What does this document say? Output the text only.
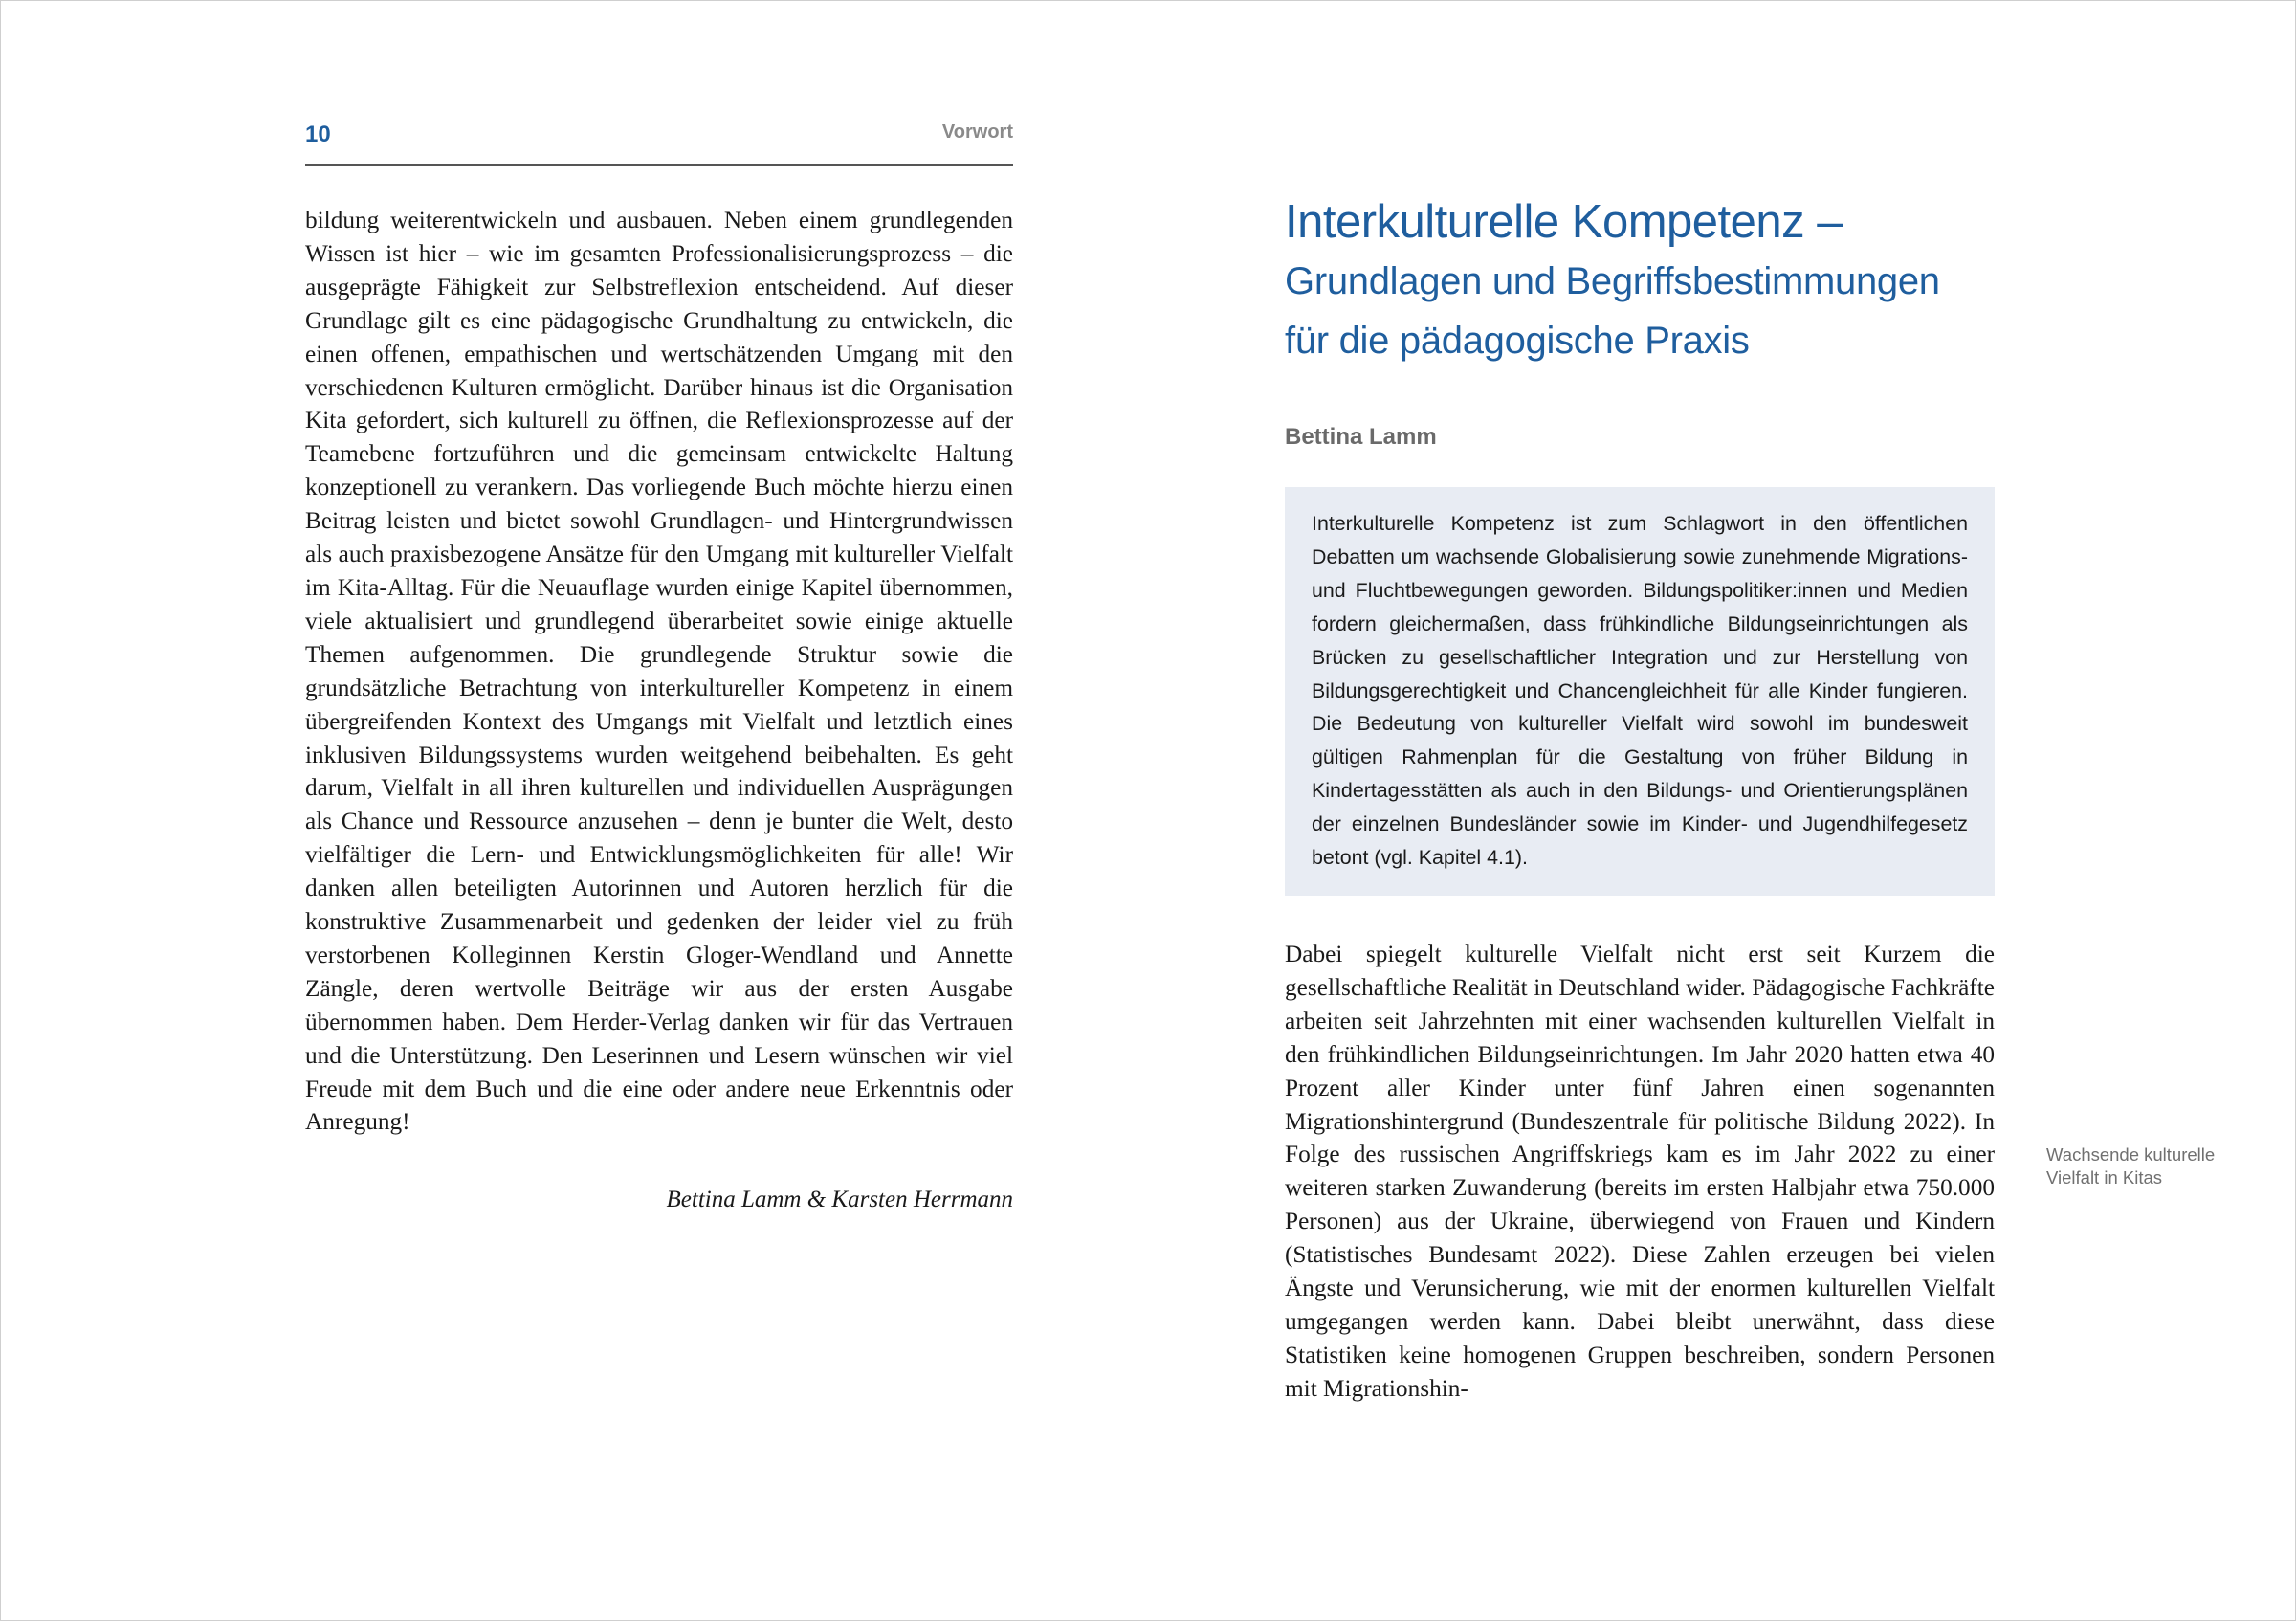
10	Vorwort

bildung weiterentwickeln und ausbauen. Neben einem grundlegenden Wissen ist hier – wie im gesamten Professionalisierungsprozess – die ausgeprägte Fähigkeit zur Selbstreflexion entscheidend. Auf dieser Grundlage gilt es eine pädagogische Grundhaltung zu entwickeln, die einen offenen, empathischen und wertschätzenden Umgang mit den verschiedenen Kulturen ermöglicht. Darüber hinaus ist die Organisation Kita gefordert, sich kulturell zu öffnen, die Reflexionsprozesse auf der Teamebene fortzuführen und die gemeinsam entwickelte Haltung konzeptionell zu verankern. Das vorliegende Buch möchte hierzu einen Beitrag leisten und bietet sowohl Grundlagen- und Hintergrundwissen als auch praxisbezogene Ansätze für den Umgang mit kultureller Vielfalt im Kita-Alltag. Für die Neuauflage wurden einige Kapitel übernommen, viele aktualisiert und grundlegend überarbeitet sowie einige aktuelle Themen aufgenommen. Die grundlegende Struktur sowie die grundsätzliche Betrachtung von interkultureller Kompetenz in einem übergreifenden Kontext des Umgangs mit Vielfalt und letztlich eines inklusiven Bildungssystems wurden weitgehend beibehalten. Es geht darum, Vielfalt in all ihren kulturellen und individuellen Ausprägungen als Chance und Ressource anzusehen – denn je bunter die Welt, desto vielfältiger die Lern- und Entwicklungsmöglichkeiten für alle! Wir danken allen beteiligten Autorinnen und Autoren herzlich für die konstruktive Zusammenarbeit und gedenken der leider viel zu früh verstorbenen Kolleginnen Kerstin Gloger-Wendland und Annette Zängle, deren wertvolle Beiträge wir aus der ersten Ausgabe übernommen haben. Dem Herder-Verlag danken wir für das Vertrauen und die Unterstützung. Den Leserinnen und Lesern wünschen wir viel Freude mit dem Buch und die eine oder andere neue Erkenntnis oder Anregung!

Bettina Lamm & Karsten Herrmann
Interkulturelle Kompetenz –
Grundlagen und Begriffsbestimmungen
für die pädagogische Praxis
Bettina Lamm

Interkulturelle Kompetenz ist zum Schlagwort in den öffentlichen Debatten um wachsende Globalisierung sowie zunehmende Migrations- und Fluchtbewegungen geworden. Bildungspolitiker:innen und Medien fordern gleichermaßen, dass frühkindliche Bildungseinrichtungen als Brücken zu gesellschaftlicher Integration und zur Herstellung von Bildungsgerechtigkeit und Chancengleichheit für alle Kinder fungieren. Die Bedeutung von kultureller Vielfalt wird sowohl im bundesweit gültigen Rahmenplan für die Gestaltung von früher Bildung in Kindertagesstätten als auch in den Bildungs- und Orientierungsplänen der einzelnen Bundesländer sowie im Kinder- und Jugendhilfegesetz betont (vgl. Kapitel 4.1).

Dabei spiegelt kulturelle Vielfalt nicht erst seit Kurzem die gesellschaftliche Realität in Deutschland wider. Pädagogische Fachkräfte arbeiten seit Jahrzehnten mit einer wachsenden kulturellen Vielfalt in den frühkindlichen Bildungseinrichtungen. Im Jahr 2020 hatten etwa 40 Prozent aller Kinder unter fünf Jahren einen sogenannten Migrationshintergrund (Bundeszentrale für politische Bildung 2022). In Folge des russischen Angriffskriegs kam es im Jahr 2022 zu einer weiteren starken Zuwanderung (bereits im ersten Halbjahr etwa 750.000 Personen) aus der Ukraine, überwiegend von Frauen und Kindern (Statistisches Bundesamt 2022). Diese Zahlen erzeugen bei vielen Ängste und Verunsicherung, wie mit der enormen kulturellen Vielfalt umgegangen werden kann. Dabei bleibt unerwähnt, dass diese Statistiken keine homogenen Gruppen beschreiben, sondern Personen mit Migrationshin-

Wachsende kulturelle Vielfalt in Kitas
